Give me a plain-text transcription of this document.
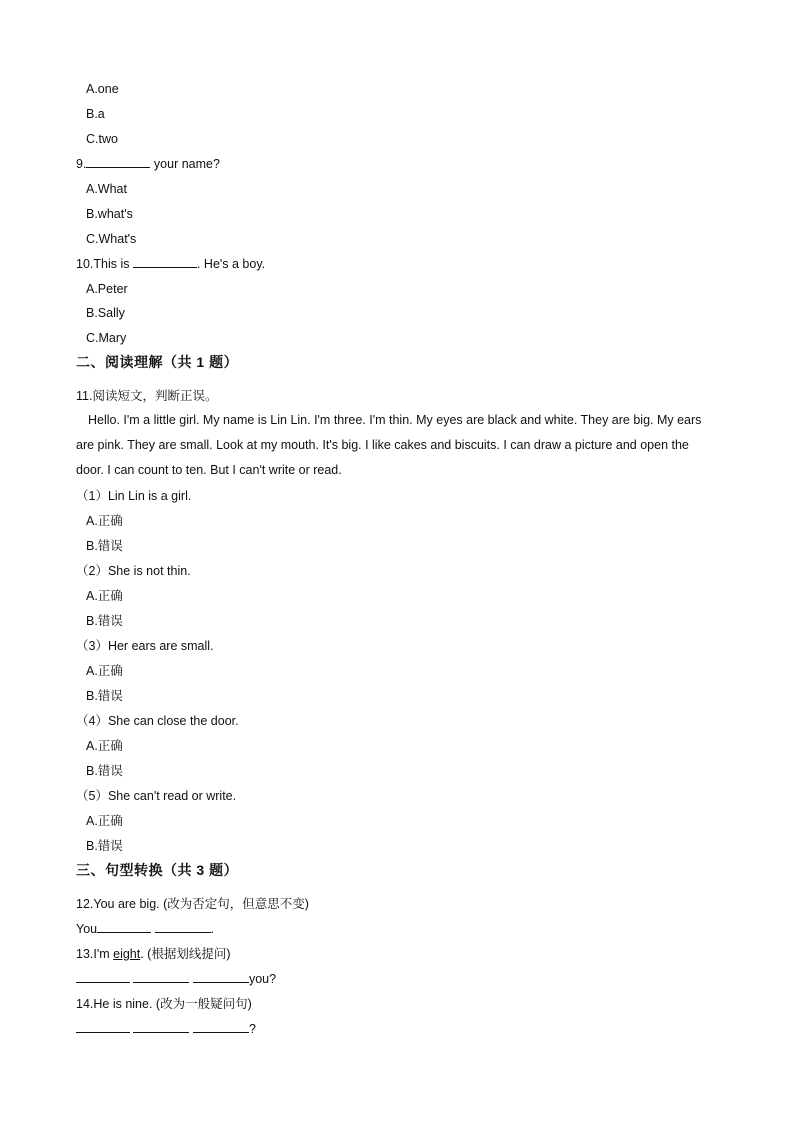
A.one
B.a
C.two
9.	your name?
A.What
B.what's
C.What's
10.This is	. He's a boy.
A.Peter
B.Sally
C.Mary
二、阅读理解（共 1 题）
11.阅读短文，判断正误。
Hello. I'm a little girl. My name is Lin Lin. I'm three. I'm thin. My eyes are black and white. They are big. My ears are pink. They are small. Look at my mouth. It's big. I like cakes and biscuits. I can draw a picture and open the door. I can count to ten. But I can't write or read.
（1）Lin Lin is a girl.
A.正确
B.错误
（2）She is not thin.
A.正确
B.错误
（3）Her ears are small.
A.正确
B.错误
（4）She can close the door.
A.正确
B.错误
（5）She can't read or write.
A.正确
B.错误
三、句型转换（共 3 题）
12.You are big. (改为否定句，但意思不变)
You	.
13.I'm eight. (根据划线提问)
you?
14.He is nine. (改为一般疑问句)
?
